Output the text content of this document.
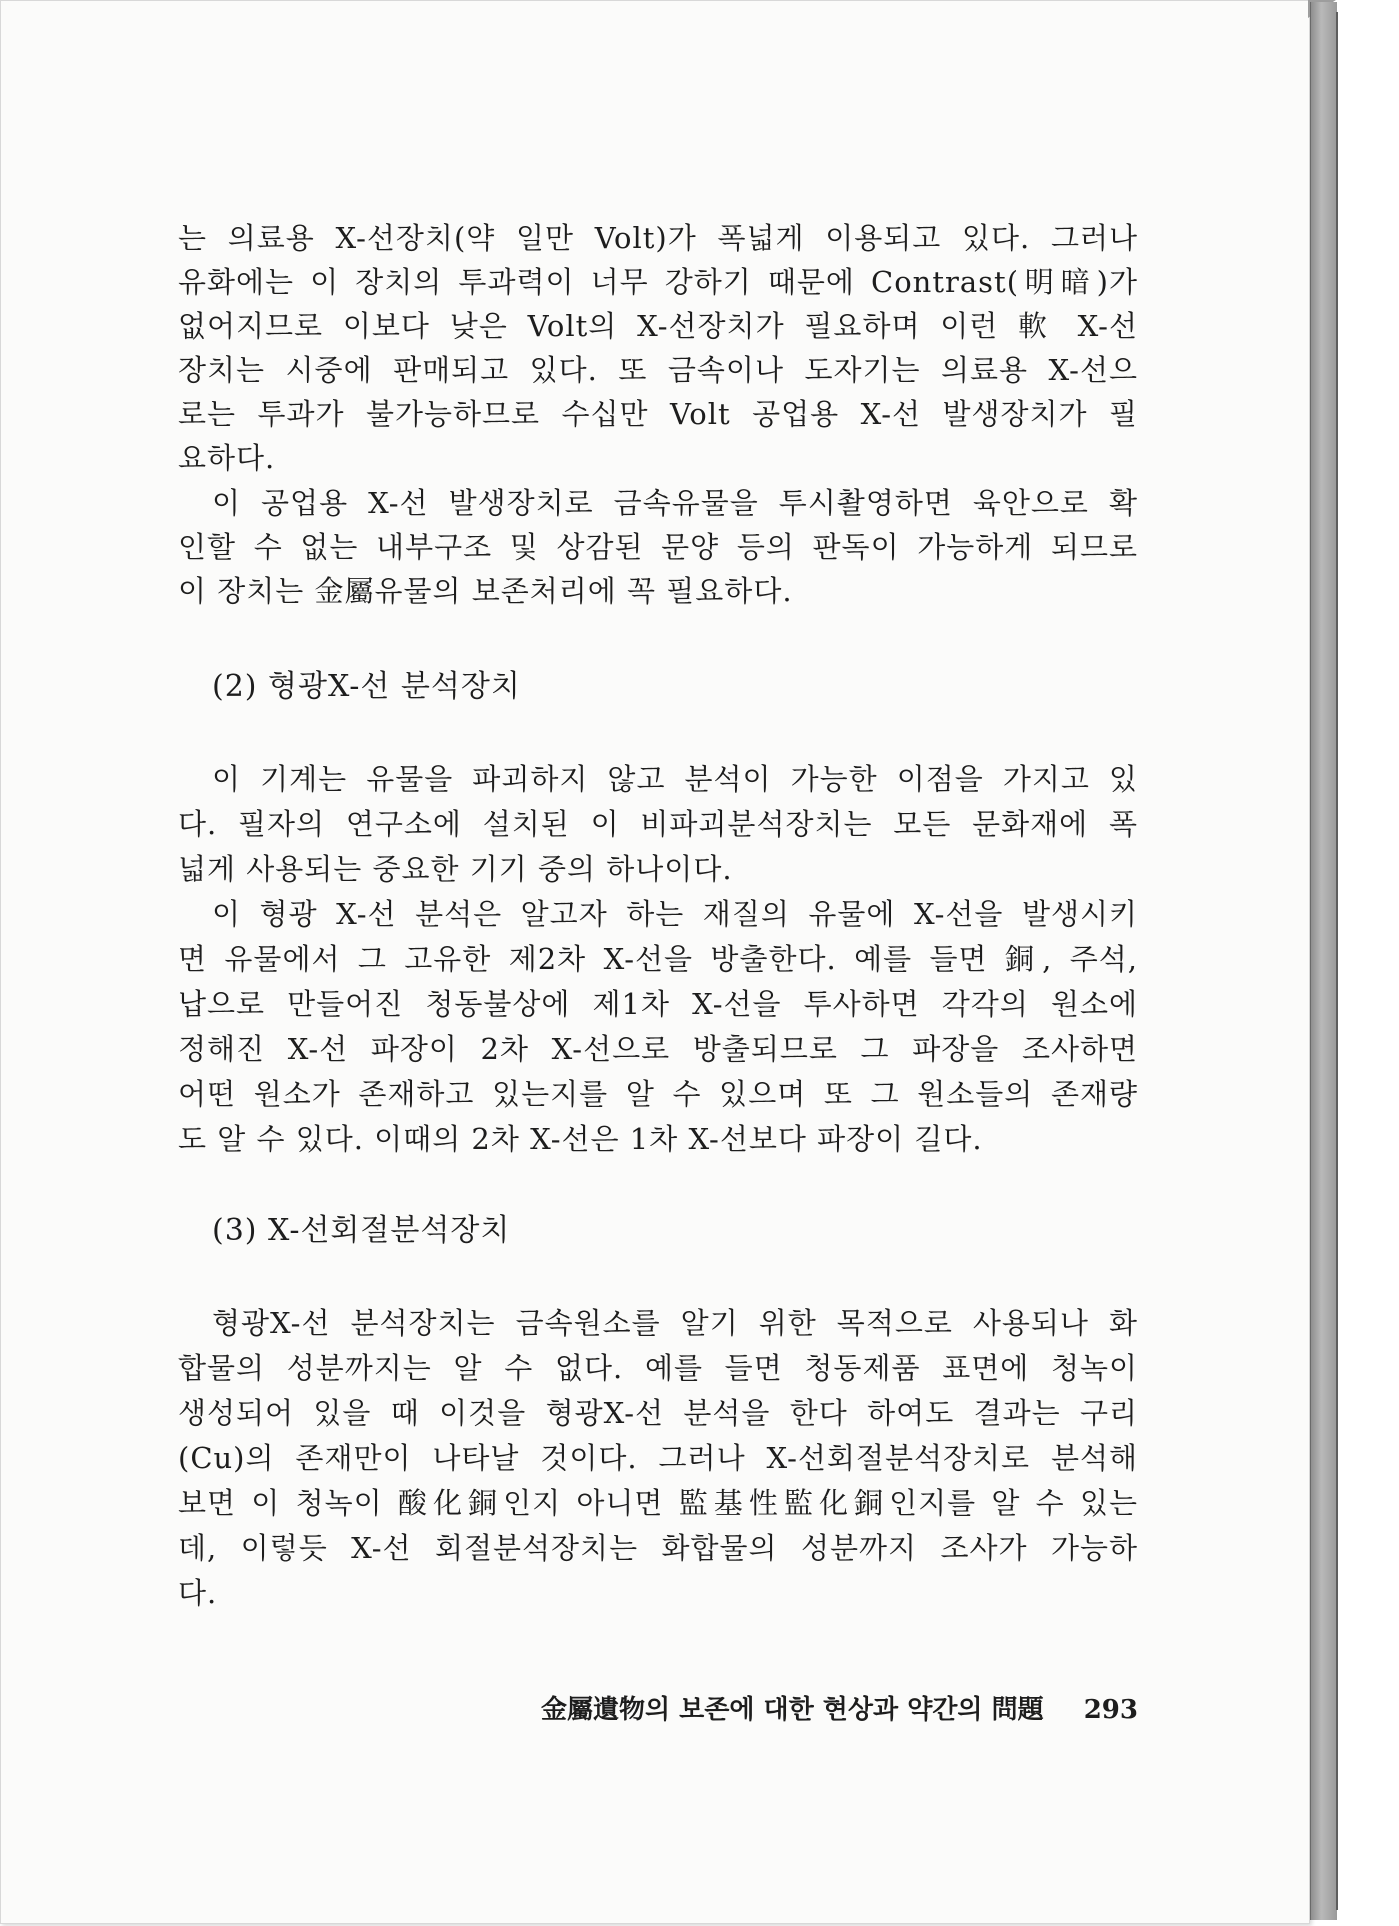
는 의료용 X-선장치(약 일만 Volt)가 폭넓게 이용되고 있다. 그러나
유화에는 이 장치의 투과력이 너무 강하기 때문에 Contrast(明暗)가
없어지므로 이보다 낮은 Volt의 X-선장치가 필요하며 이런 軟 X-선
장치는 시중에 판매되고 있다. 또 금속이나 도자기는 의료용 X-선으
로는 투과가 불가능하므로 수십만 Volt 공업용 X-선 발생장치가 필
요하다.
이 공업용 X-선 발생장치로 금속유물을 투시촬영하면 육안으로 확
인할 수 없는 내부구조 및 상감된 문양 등의 판독이 가능하게 되므로
이 장치는 金屬유물의 보존처리에 꼭 필요하다.
(2) 형광X-선 분석장치
이 기계는 유물을 파괴하지 않고 분석이 가능한 이점을 가지고 있
다. 필자의 연구소에 설치된 이 비파괴분석장치는 모든 문화재에 폭
넓게 사용되는 중요한 기기 중의 하나이다.
이 형광 X-선 분석은 알고자 하는 재질의 유물에 X-선을 발생시키
면 유물에서 그 고유한 제2차 X-선을 방출한다. 예를 들면 銅, 주석,
납으로 만들어진 청동불상에 제1차 X-선을 투사하면 각각의 원소에
정해진 X-선 파장이 2차 X-선으로 방출되므로 그 파장을 조사하면
어떤 원소가 존재하고 있는지를 알 수 있으며 또 그 원소들의 존재량
도 알 수 있다. 이때의 2차 X-선은 1차 X-선보다 파장이 길다.
(3) X-선회절분석장치
형광X-선 분석장치는 금속원소를 알기 위한 목적으로 사용되나 화
합물의 성분까지는 알 수 없다. 예를 들면 청동제품 표면에 청녹이
생성되어 있을 때 이것을 형광X-선 분석을 한다 하여도 결과는 구리
(Cu)의 존재만이 나타날 것이다. 그러나 X-선회절분석장치로 분석해
보면 이 청녹이 酸化銅인지 아니면 監基性監化銅인지를 알 수 있는
데, 이렇듯 X-선 회절분석장치는 화합물의 성분까지 조사가 가능하
다.
金屬遺物의 보존에 대한 현상과 약간의 問題 293
